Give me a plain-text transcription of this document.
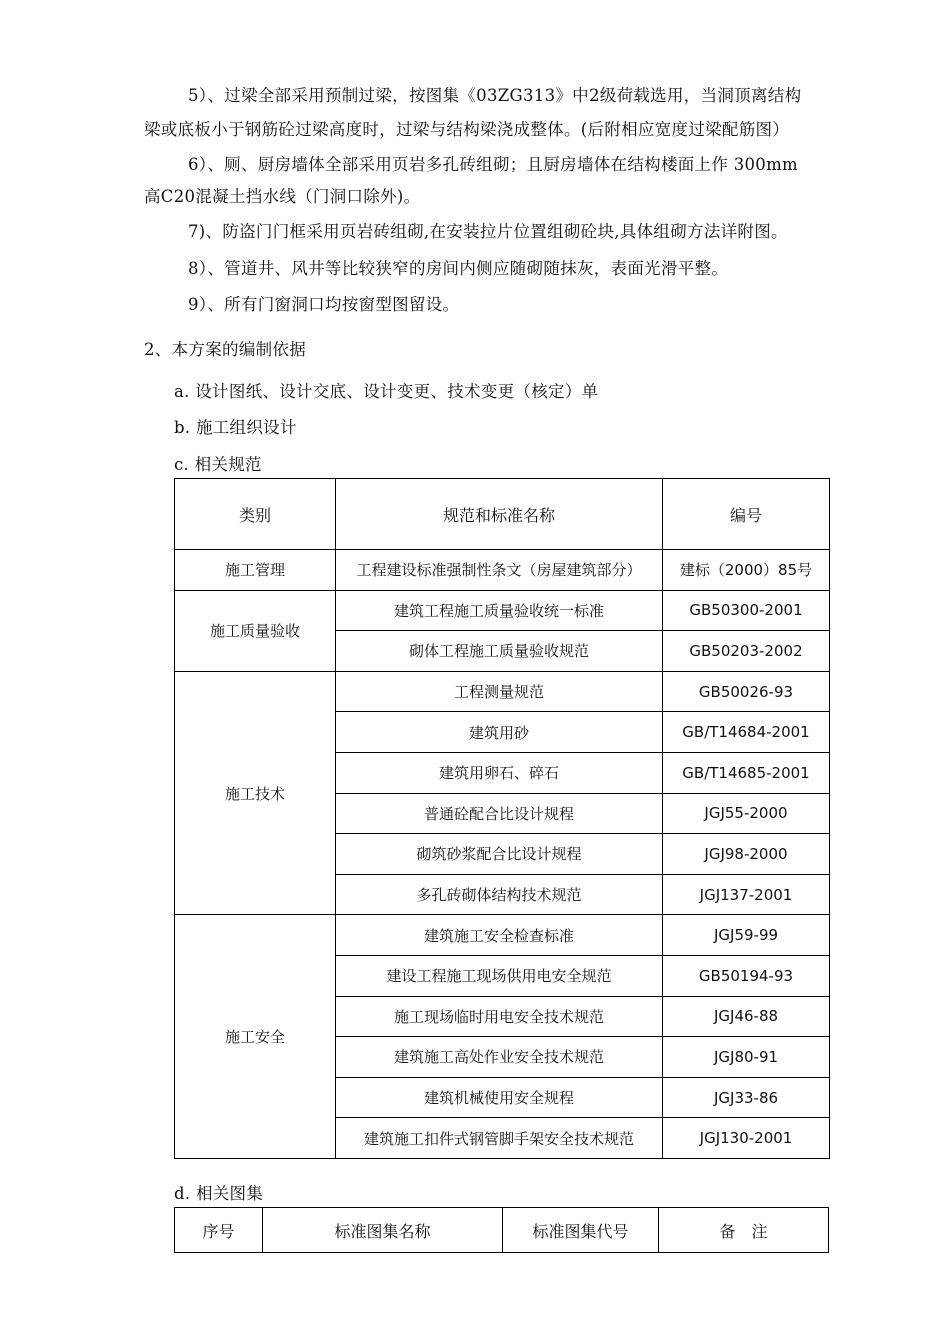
5）、过梁全部采用预制过梁，按图集《03ZG313》中2级荷载选用，当洞顶离结构
梁或底板小于钢筋砼过梁高度时，过梁与结构梁浇成整体。(后附相应宽度过梁配筋图）
6）、厕、厨房墙体全部采用页岩多孔砖组砌；且厨房墙体在结构楼面上作 300mm
高C20混凝土挡水线（门洞口除外)。
7)、防盗门门框采用页岩砖组砌,在安装拉片位置组砌砼块,具体组砌方法详附图。
8）、管道井、风井等比较狭窄的房间内侧应随砌随抹灰，表面光滑平整。
9）、所有门窗洞口均按窗型图留设。
2、本方案的编制依据
a. 设计图纸、设计交底、设计变更、技术变更（核定）单
b. 施工组织设计
c. 相关规范
类别	规范和标准名称	编号
施工管理	工程建设标准强制性条文（房屋建筑部分）	建标（2000）85号
施工质量验收	建筑工程施工质量验收统一标准	GB50300-2001
	砌体工程施工质量验收规范	GB50203-2002
施工技术	工程测量规范	GB50026-93
	建筑用砂	GB/T14684-2001
	建筑用卵石、碎石	GB/T14685-2001
	普通砼配合比设计规程	JGJ55-2000
	砌筑砂浆配合比设计规程	JGJ98-2000
	多孔砖砌体结构技术规范	JGJ137-2001
施工安全	建筑施工安全检查标准	JGJ59-99
	建设工程施工现场供用电安全规范	GB50194-93
	施工现场临时用电安全技术规范	JGJ46-88
	建筑施工高处作业安全技术规范	JGJ80-91
	建筑机械使用安全规程	JGJ33-86
	建筑施工扣件式钢管脚手架安全技术规范	JGJ130-2001
d. 相关图集
序号	标准图集名称	标准图集代号	备　注
